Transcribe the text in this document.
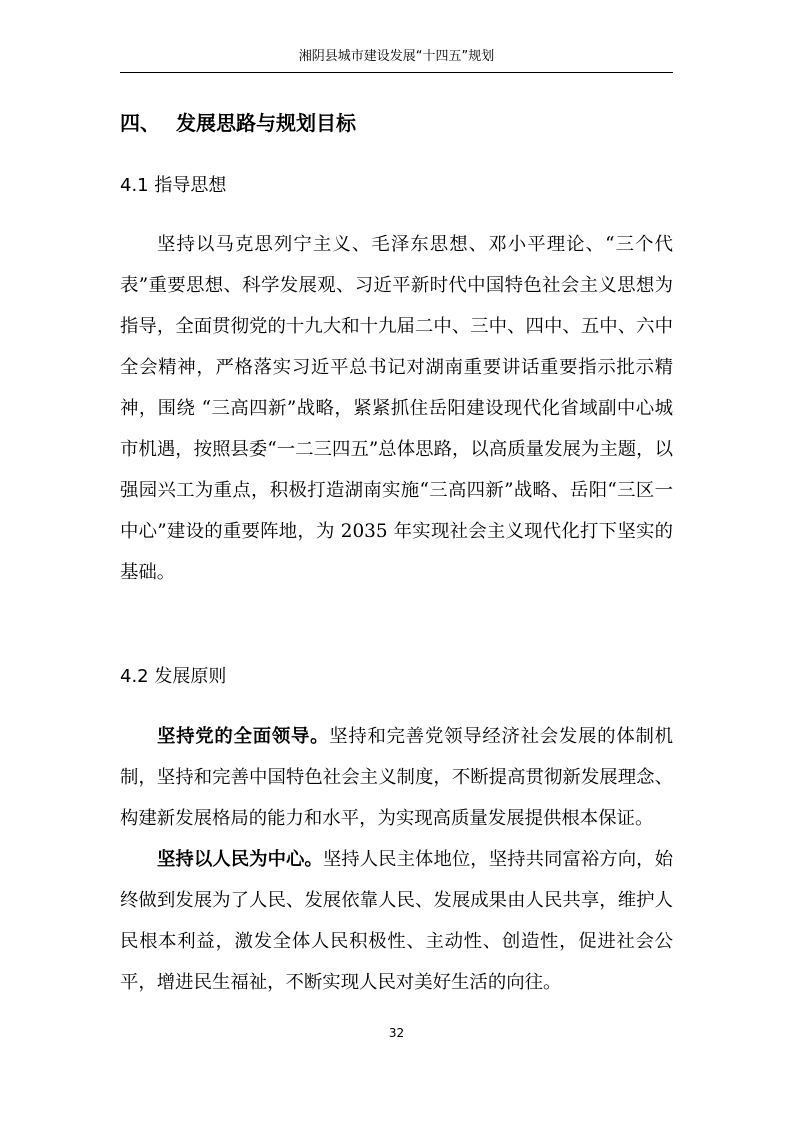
湘阴县城市建设发展“十四五”规划
四、 发展思路与规划目标
4.1 指导思想

坚持以马克思列宁主义、毛泽东思想、邓小平理论、“三个代表”重要思想、科学发展观、习近平新时代中国特色社会主义思想为指导，全面贯彻党的十九大和十九届二中、三中、四中、五中、六中全会精神，严格落实习近平总书记对湖南重要讲话重要指示批示精神，围绕 “三高四新”战略，紧紧抓住岳阳建设现代化省域副中心城市机遇，按照县委“一二三四五”总体思路，以高质量发展为主题，以强园兴工为重点，积极打造湖南实施“三高四新”战略、岳阳“三区一中心”建设的重要阵地，为 2035 年实现社会主义现代化打下坚实的基础。

4.2 发展原则

坚持党的全面领导。坚持和完善党领导经济社会发展的体制机制，坚持和完善中国特色社会主义制度，不断提高贯彻新发展理念、构建新发展格局的能力和水平，为实现高质量发展提供根本保证。

坚持以人民为中心。坚持人民主体地位，坚持共同富裕方向，始终做到发展为了人民、发展依靠人民、发展成果由人民共享，维护人民根本利益，激发全体人民积极性、主动性、创造性，促进社会公平，增进民生福祉，不断实现人民对美好生活的向往。

32
